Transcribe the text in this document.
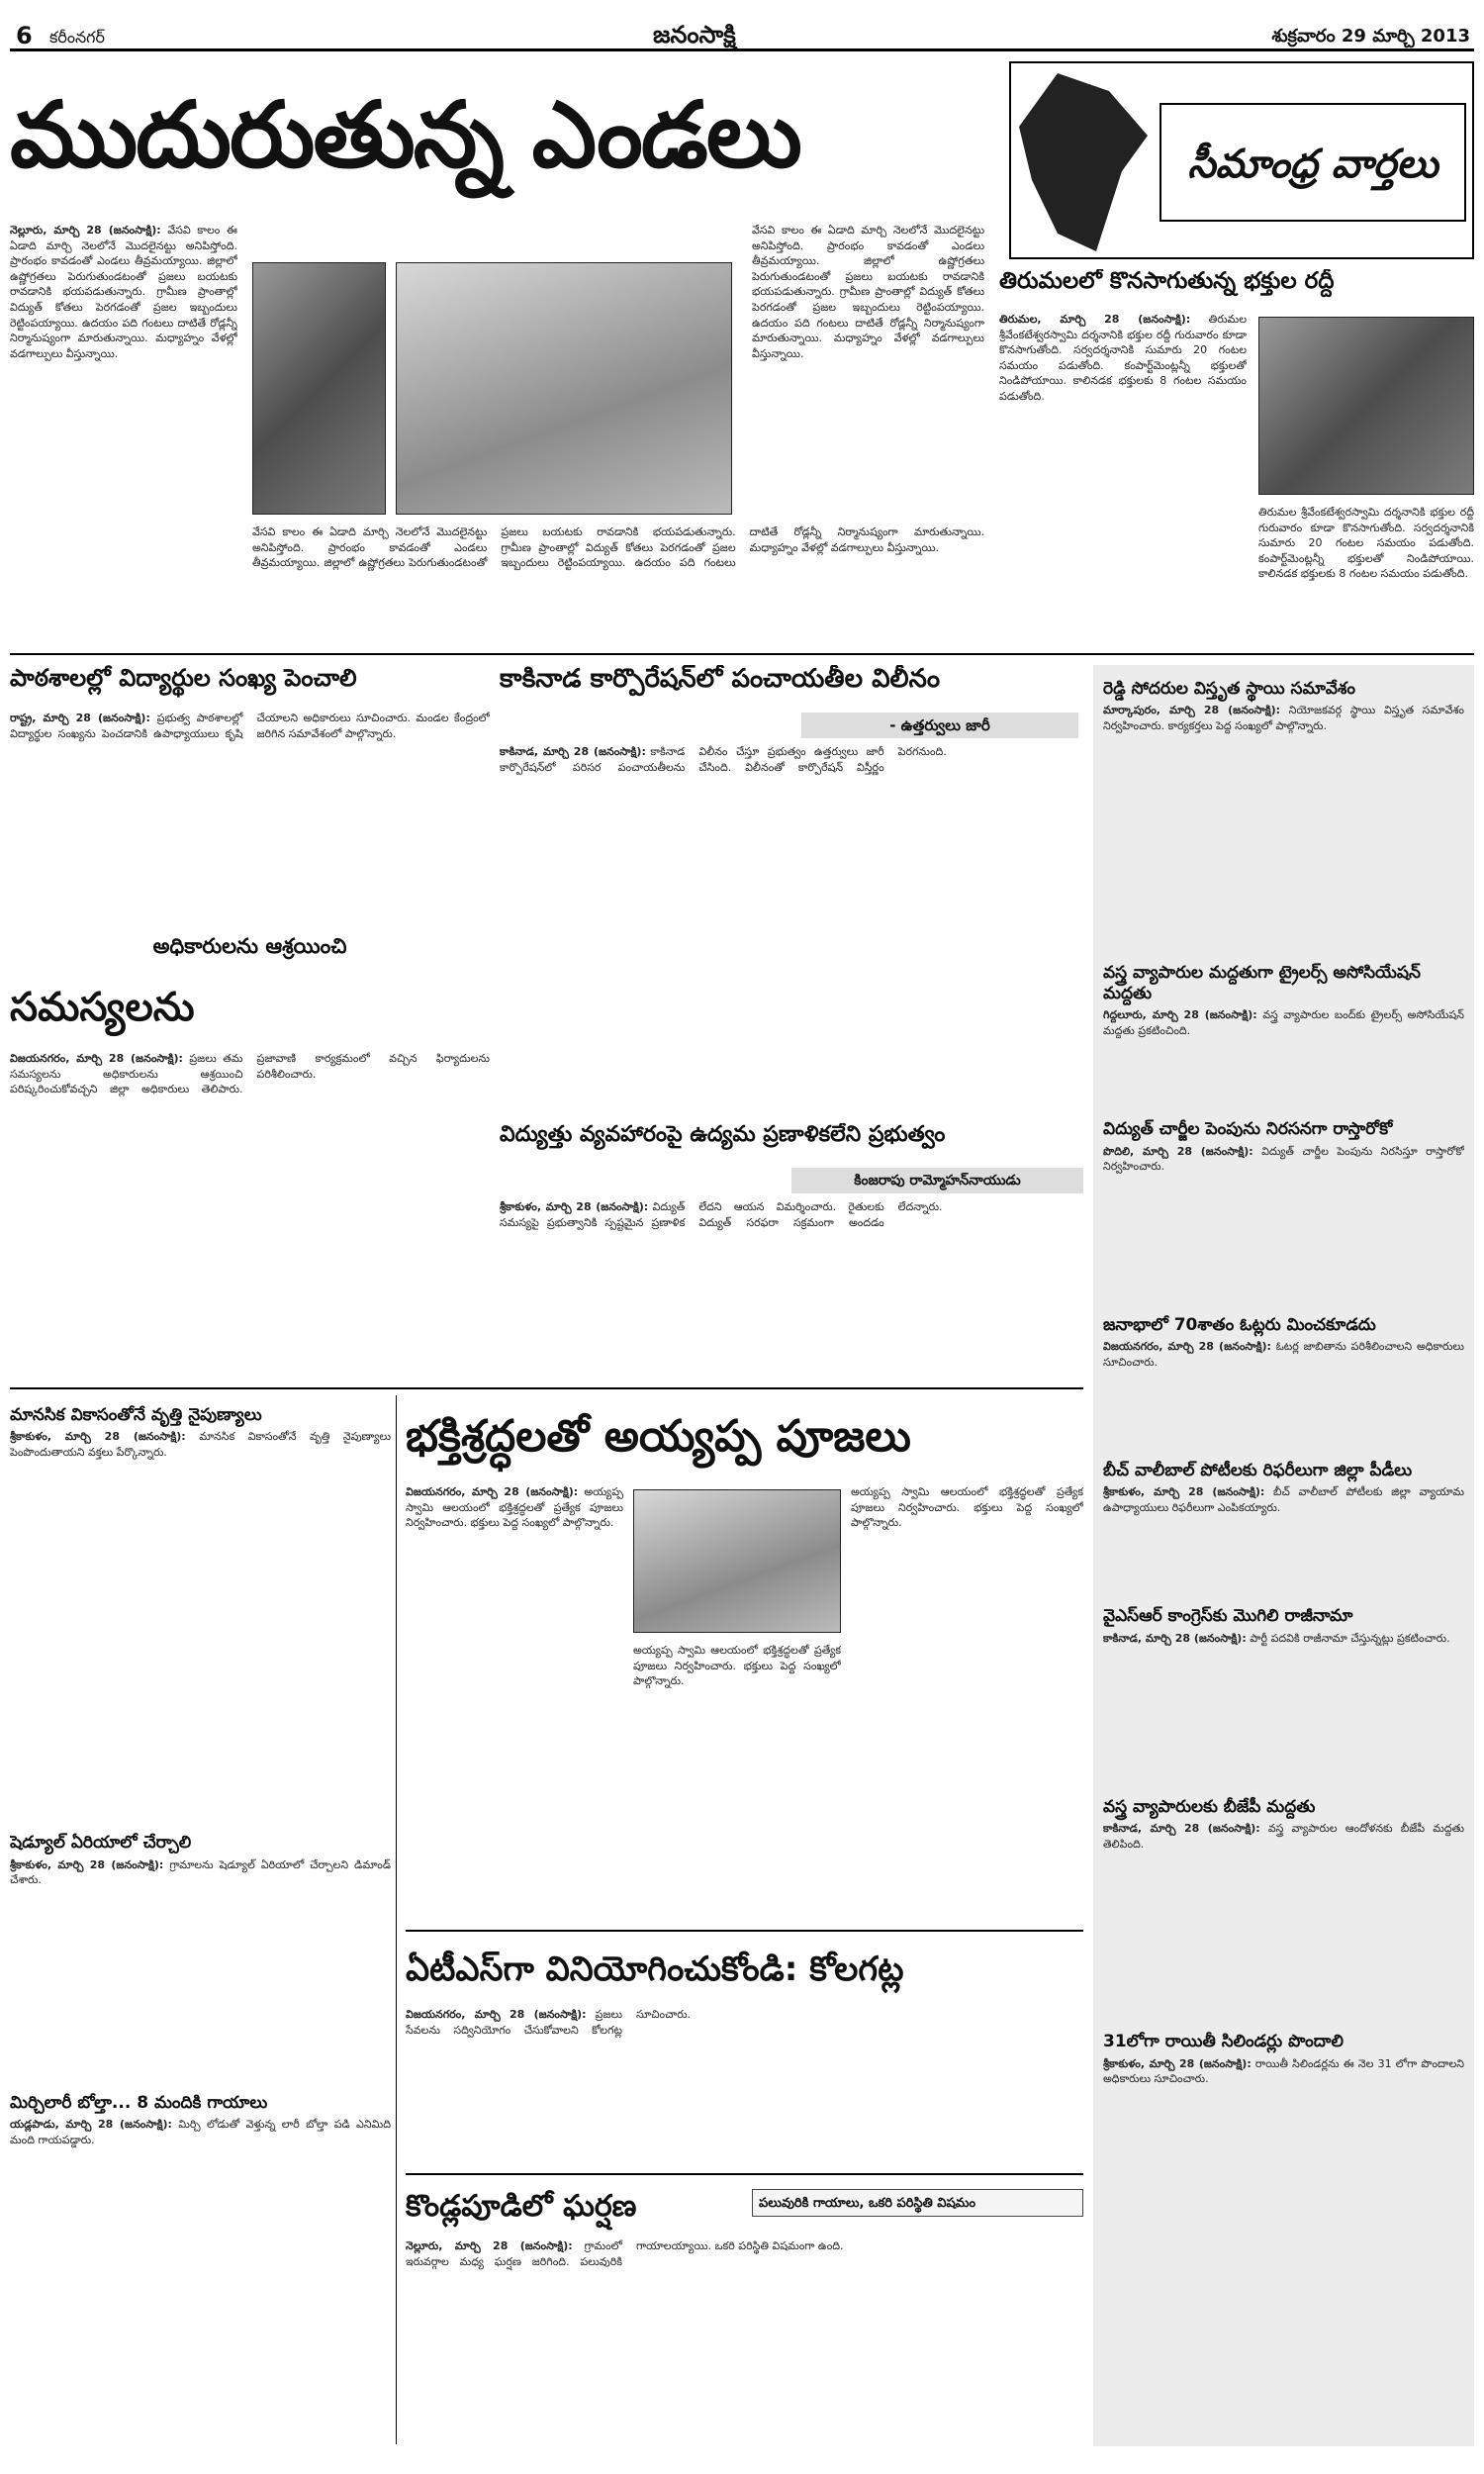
6 కరీంనగర్	జనంసాక్షి	శుక్రవారం 29 మార్చి 2013
ముదురుతున్న ఎండలు	సీమాంధ్ర వార్తలు
నెల్లూరు, మార్చి 28 (జనంసాక్షి): వేసవి కాలం ఈ ఏడాది మార్చి నెలలోనే మొదలైనట్టు అనిపిస్తోంది. ప్రారంభం కావడంతో ఎండలు తీవ్రమయ్యాయి. జిల్లాలో ఉష్ణోగ్రతలు పెరుగుతుండటంతో ప్రజలు బయటకు రావడానికి భయపడుతున్నారు. గ్రామీణ ప్రాంతాల్లో విద్యుత్ కోతలు పెరగడంతో ప్రజల ఇబ్బందులు రెట్టింపయ్యాయి. ఉదయం పది గంటలు దాటితే రోడ్లన్నీ నిర్మానుష్యంగా మారుతున్నాయి. మధ్యాహ్నం వేళల్లో వడగాల్పులు వీస్తున్నాయి.
వేసవి కాలం ఈ ఏడాది మార్చి నెలలోనే మొదలైనట్టు అనిపిస్తోంది. ప్రారంభం కావడంతో ఎండలు తీవ్రమయ్యాయి. జిల్లాలో ఉష్ణోగ్రతలు పెరుగుతుండటంతో ప్రజలు బయటకు రావడానికి భయపడుతున్నారు. గ్రామీణ ప్రాంతాల్లో విద్యుత్ కోతలు పెరగడంతో ప్రజల ఇబ్బందులు రెట్టింపయ్యాయి. ఉదయం పది గంటలు దాటితే రోడ్లన్నీ నిర్మానుష్యంగా మారుతున్నాయి. మధ్యాహ్నం వేళల్లో వడగాల్పులు వీస్తున్నాయి.
వేసవి కాలం ఈ ఏడాది మార్చి నెలలోనే మొదలైనట్టు అనిపిస్తోంది. ప్రారంభం కావడంతో ఎండలు తీవ్రమయ్యాయి. జిల్లాలో ఉష్ణోగ్రతలు పెరుగుతుండటంతో ప్రజలు బయటకు రావడానికి భయపడుతున్నారు. గ్రామీణ ప్రాంతాల్లో విద్యుత్ కోతలు పెరగడంతో ప్రజల ఇబ్బందులు రెట్టింపయ్యాయి. ఉదయం పది గంటలు దాటితే రోడ్లన్నీ నిర్మానుష్యంగా మారుతున్నాయి. మధ్యాహ్నం వేళల్లో వడగాల్పులు వీస్తున్నాయి.
తిరుమలలో కొనసాగుతున్న భక్తుల రద్దీ
తిరుమల, మార్చి 28 (జనంసాక్షి): తిరుమల శ్రీవేంకటేశ్వరస్వామి దర్శనానికి భక్తుల రద్దీ గురువారం కూడా కొనసాగుతోంది. సర్వదర్శనానికి సుమారు 20 గంటల సమయం పడుతోంది. కంపార్ట్‌మెంట్లన్నీ భక్తులతో నిండిపోయాయి. కాలినడక భక్తులకు 8 గంటల సమయం పడుతోంది.
తిరుమల శ్రీవేంకటేశ్వరస్వామి దర్శనానికి భక్తుల రద్దీ గురువారం కూడా కొనసాగుతోంది. సర్వదర్శనానికి సుమారు 20 గంటల సమయం పడుతోంది. కంపార్ట్‌మెంట్లన్నీ భక్తులతో నిండిపోయాయి. కాలినడక భక్తులకు 8 గంటల సమయం పడుతోంది.
పాఠశాలల్లో విద్యార్థుల సంఖ్య పెంచాలి
రాష్ట్ర, మార్చి 28 (జనంసాక్షి): ప్రభుత్వ పాఠశాలల్లో విద్యార్థుల సంఖ్యను పెంచడానికి ఉపాధ్యాయులు కృషి చేయాలని అధికారులు సూచించారు. మండల కేంద్రంలో జరిగిన సమావేశంలో పాల్గొన్నారు.
అధికారులను ఆశ్రయించి
సమస్యలను
విజయనగరం, మార్చి 28 (జనంసాక్షి): ప్రజలు తమ సమస్యలను అధికారులను ఆశ్రయించి పరిష్కరించుకోవచ్చని జిల్లా అధికారులు తెలిపారు. ప్రజావాణి కార్యక్రమంలో వచ్చిన ఫిర్యాదులను పరిశీలించారు.
కాకినాడ కార్పొరేషన్‌లో పంచాయతీల విలీనం
- ఉత్తర్వులు జారీ
కాకినాడ, మార్చి 28 (జనంసాక్షి): కాకినాడ కార్పొరేషన్‌లో పరిసర పంచాయతీలను విలీనం చేస్తూ ప్రభుత్వం ఉత్తర్వులు జారీ చేసింది. విలీనంతో కార్పొరేషన్ విస్తీర్ణం పెరగనుంది.
విద్యుత్తు వ్యవహారంపై ఉద్యమ ప్రణాళికలేని ప్రభుత్వం
కింజరాపు రామ్మోహన్‌నాయుడు
శ్రీకాకుళం, మార్చి 28 (జనంసాక్షి): విద్యుత్ సమస్యపై ప్రభుత్వానికి స్పష్టమైన ప్రణాళిక లేదని ఆయన విమర్శించారు. రైతులకు విద్యుత్ సరఫరా సక్రమంగా అందడం లేదన్నారు.
రెడ్డి సోదరుల విస్తృత స్థాయి సమావేశం
మార్కాపురం, మార్చి 28 (జనంసాక్షి): నియోజకవర్గ స్థాయి విస్తృత సమావేశం నిర్వహించారు. కార్యకర్తలు పెద్ద సంఖ్యలో పాల్గొన్నారు.
వస్త్ర వ్యాపారుల మద్దతుగా ట్రైలర్స్ అసోసియేషన్ మద్దతు
గిద్దలూరు, మార్చి 28 (జనంసాక్షి): వస్త్ర వ్యాపారుల బంద్‌కు ట్రైలర్స్ అసోసియేషన్ మద్దతు ప్రకటించింది.
విద్యుత్ చార్జీల పెంపును నిరసనగా రాస్తారోకో
పొదిలి, మార్చి 28 (జనంసాక్షి): విద్యుత్ చార్జీల పెంపును నిరసిస్తూ రాస్తారోకో నిర్వహించారు.
జనాభాలో 70శాతం ఓట్లరు మించకూడదు
విజయనగరం, మార్చి 28 (జనంసాక్షి): ఓటర్ల జాబితాను పరిశీలించాలని అధికారులు సూచించారు.
బీచ్ వాలీబాల్ పోటీలకు రిఫరీలుగా జిల్లా పీడీలు
శ్రీకాకుళం, మార్చి 28 (జనంసాక్షి): బీచ్ వాలీబాల్ పోటీలకు జిల్లా వ్యాయామ ఉపాధ్యాయులు రిఫరీలుగా ఎంపికయ్యారు.
వైఎస్ఆర్ కాంగ్రెస్‌కు మొగిలి రాజీనామా
కాకినాడ, మార్చి 28 (జనంసాక్షి): పార్టీ పదవికి రాజీనామా చేస్తున్నట్లు ప్రకటించారు.
వస్త్ర వ్యాపారులకు బీజేపీ మద్దతు
కాకినాడ, మార్చి 28 (జనంసాక్షి): వస్త్ర వ్యాపారుల ఆందోళనకు బీజేపీ మద్దతు తెలిపింది.
31లోగా రాయితీ సిలిండర్లు పొందాలి
శ్రీకాకుళం, మార్చి 28 (జనంసాక్షి): రాయితీ సిలిండర్లను ఈ నెల 31 లోగా పొందాలని అధికారులు సూచించారు.
మానసిక వికాసంతోనే వృత్తి నైపుణ్యాలు
శ్రీకాకుళం, మార్చి 28 (జనంసాక్షి): మానసిక వికాసంతోనే వృత్తి నైపుణ్యాలు పెంపొందుతాయని వక్తలు పేర్కొన్నారు.
షెడ్యూల్ ఏరియాలో చేర్చాలి
శ్రీకాకుళం, మార్చి 28 (జనంసాక్షి): గ్రామాలను షెడ్యూల్ ఏరియాలో చేర్చాలని డిమాండ్ చేశారు.
మిర్చిలారీ బోల్తా... 8 మందికి గాయాలు
యడ్లపాడు, మార్చి 28 (జనంసాక్షి): మిర్చి లోడుతో వెళ్తున్న లారీ బోల్తా పడి ఎనిమిది మంది గాయపడ్డారు.
భక్తిశ్రద్ధలతో అయ్యప్ప పూజలు
విజయనగరం, మార్చి 28 (జనంసాక్షి): అయ్యప్ప స్వామి ఆలయంలో భక్తిశ్రద్ధలతో ప్రత్యేక పూజలు నిర్వహించారు. భక్తులు పెద్ద సంఖ్యలో పాల్గొన్నారు.
అయ్యప్ప స్వామి ఆలయంలో భక్తిశ్రద్ధలతో ప్రత్యేక పూజలు నిర్వహించారు. భక్తులు పెద్ద సంఖ్యలో పాల్గొన్నారు.
అయ్యప్ప స్వామి ఆలయంలో భక్తిశ్రద్ధలతో ప్రత్యేక పూజలు నిర్వహించారు. భక్తులు పెద్ద సంఖ్యలో పాల్గొన్నారు.
ఏటీఎస్‌గా వినియోగించుకోండి: కోలగట్ల
విజయనగరం, మార్చి 28 (జనంసాక్షి): ప్రజలు సేవలను సద్వినియోగం చేసుకోవాలని కోలగట్ల సూచించారు.
కొండ్లపూడిలో ఘర్షణ	పలువురికి గాయాలు, ఒకరి పరిస్థితి విషమం
నెల్లూరు, మార్చి 28 (జనంసాక్షి): గ్రామంలో ఇరువర్గాల మధ్య ఘర్షణ జరిగింది. పలువురికి గాయాలయ్యాయి. ఒకరి పరిస్థితి విషమంగా ఉంది.
